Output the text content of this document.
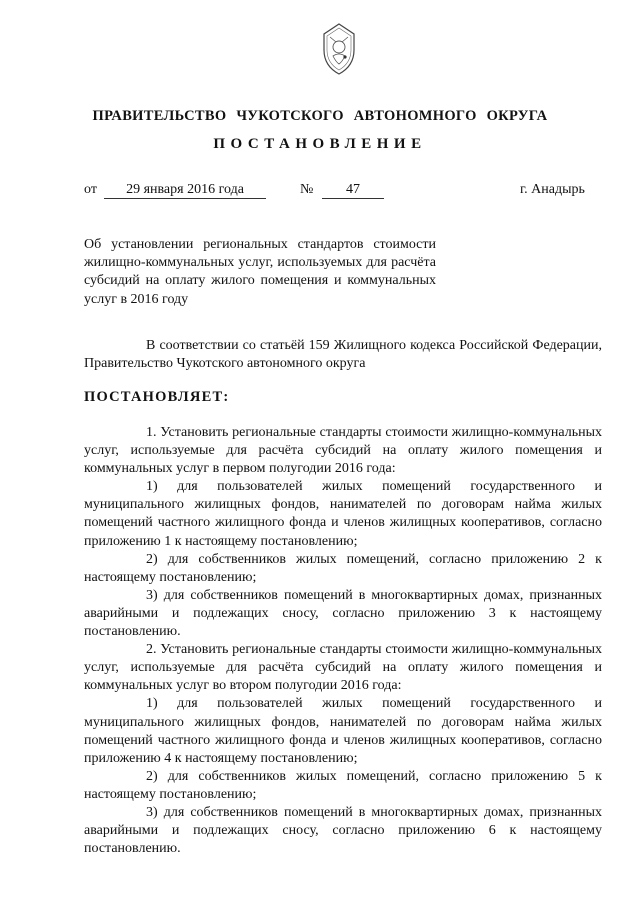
ПРАВИТЕЛЬСТВО ЧУКОТСКОГО АВТОНОМНОГО ОКРУГА
ПОСТАНОВЛЕНИЕ
от	29 января 2016 года	№	47	г. Анадырь
Об установлении региональных стандартов стоимости жилищно-коммунальных услуг, используемых для расчёта субсидий на оплату жилого помещения и коммунальных услуг в 2016 году
В соответствии со статьёй 159 Жилищного кодекса Российской Федерации, Правительство Чукотского автономного округа
ПОСТАНОВЛЯЕТ:

1. Установить региональные стандарты стоимости жилищно-коммунальных услуг, используемые для расчёта субсидий на оплату жилого помещения и коммунальных услуг в первом полугодии 2016 года:

1) для пользователей жилых помещений государственного и муниципального жилищных фондов, нанимателей по договорам найма жилых помещений частного жилищного фонда и членов жилищных кооперативов, согласно приложению 1 к настоящему постановлению;

2) для собственников жилых помещений, согласно приложению 2 к настоящему постановлению;

3) для собственников помещений в многоквартирных домах, признанных аварийными и подлежащих сносу, согласно приложению 3 к настоящему постановлению.

2. Установить региональные стандарты стоимости жилищно-коммунальных услуг, используемые для расчёта субсидий на оплату жилого помещения и коммунальных услуг во втором полугодии 2016 года:

1) для пользователей жилых помещений государственного и муниципального жилищных фондов, нанимателей по договорам найма жилых помещений частного жилищного фонда и членов жилищных кооперативов, согласно приложению 4 к настоящему постановлению;

2) для собственников жилых помещений, согласно приложению 5 к настоящему постановлению;

3) для собственников помещений в многоквартирных домах, признанных аварийными и подлежащих сносу, согласно приложению 6 к настоящему постановлению.
